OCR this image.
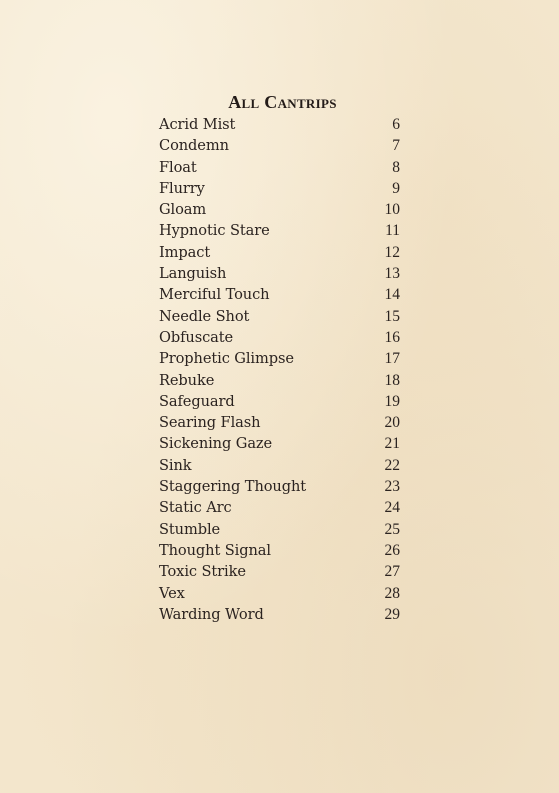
All Cantrips
Acrid Mist	6
Condemn	7
Float	8
Flurry	9
Gloam	10
Hypnotic Stare	11
Impact	12
Languish	13
Merciful Touch	14
Needle Shot	15
Obfuscate	16
Prophetic Glimpse	17
Rebuke	18
Safeguard	19
Searing Flash	20
Sickening Gaze	21
Sink	22
Staggering Thought	23
Static Arc	24
Stumble	25
Thought Signal	26
Toxic Strike	27
Vex	28
Warding Word	29
